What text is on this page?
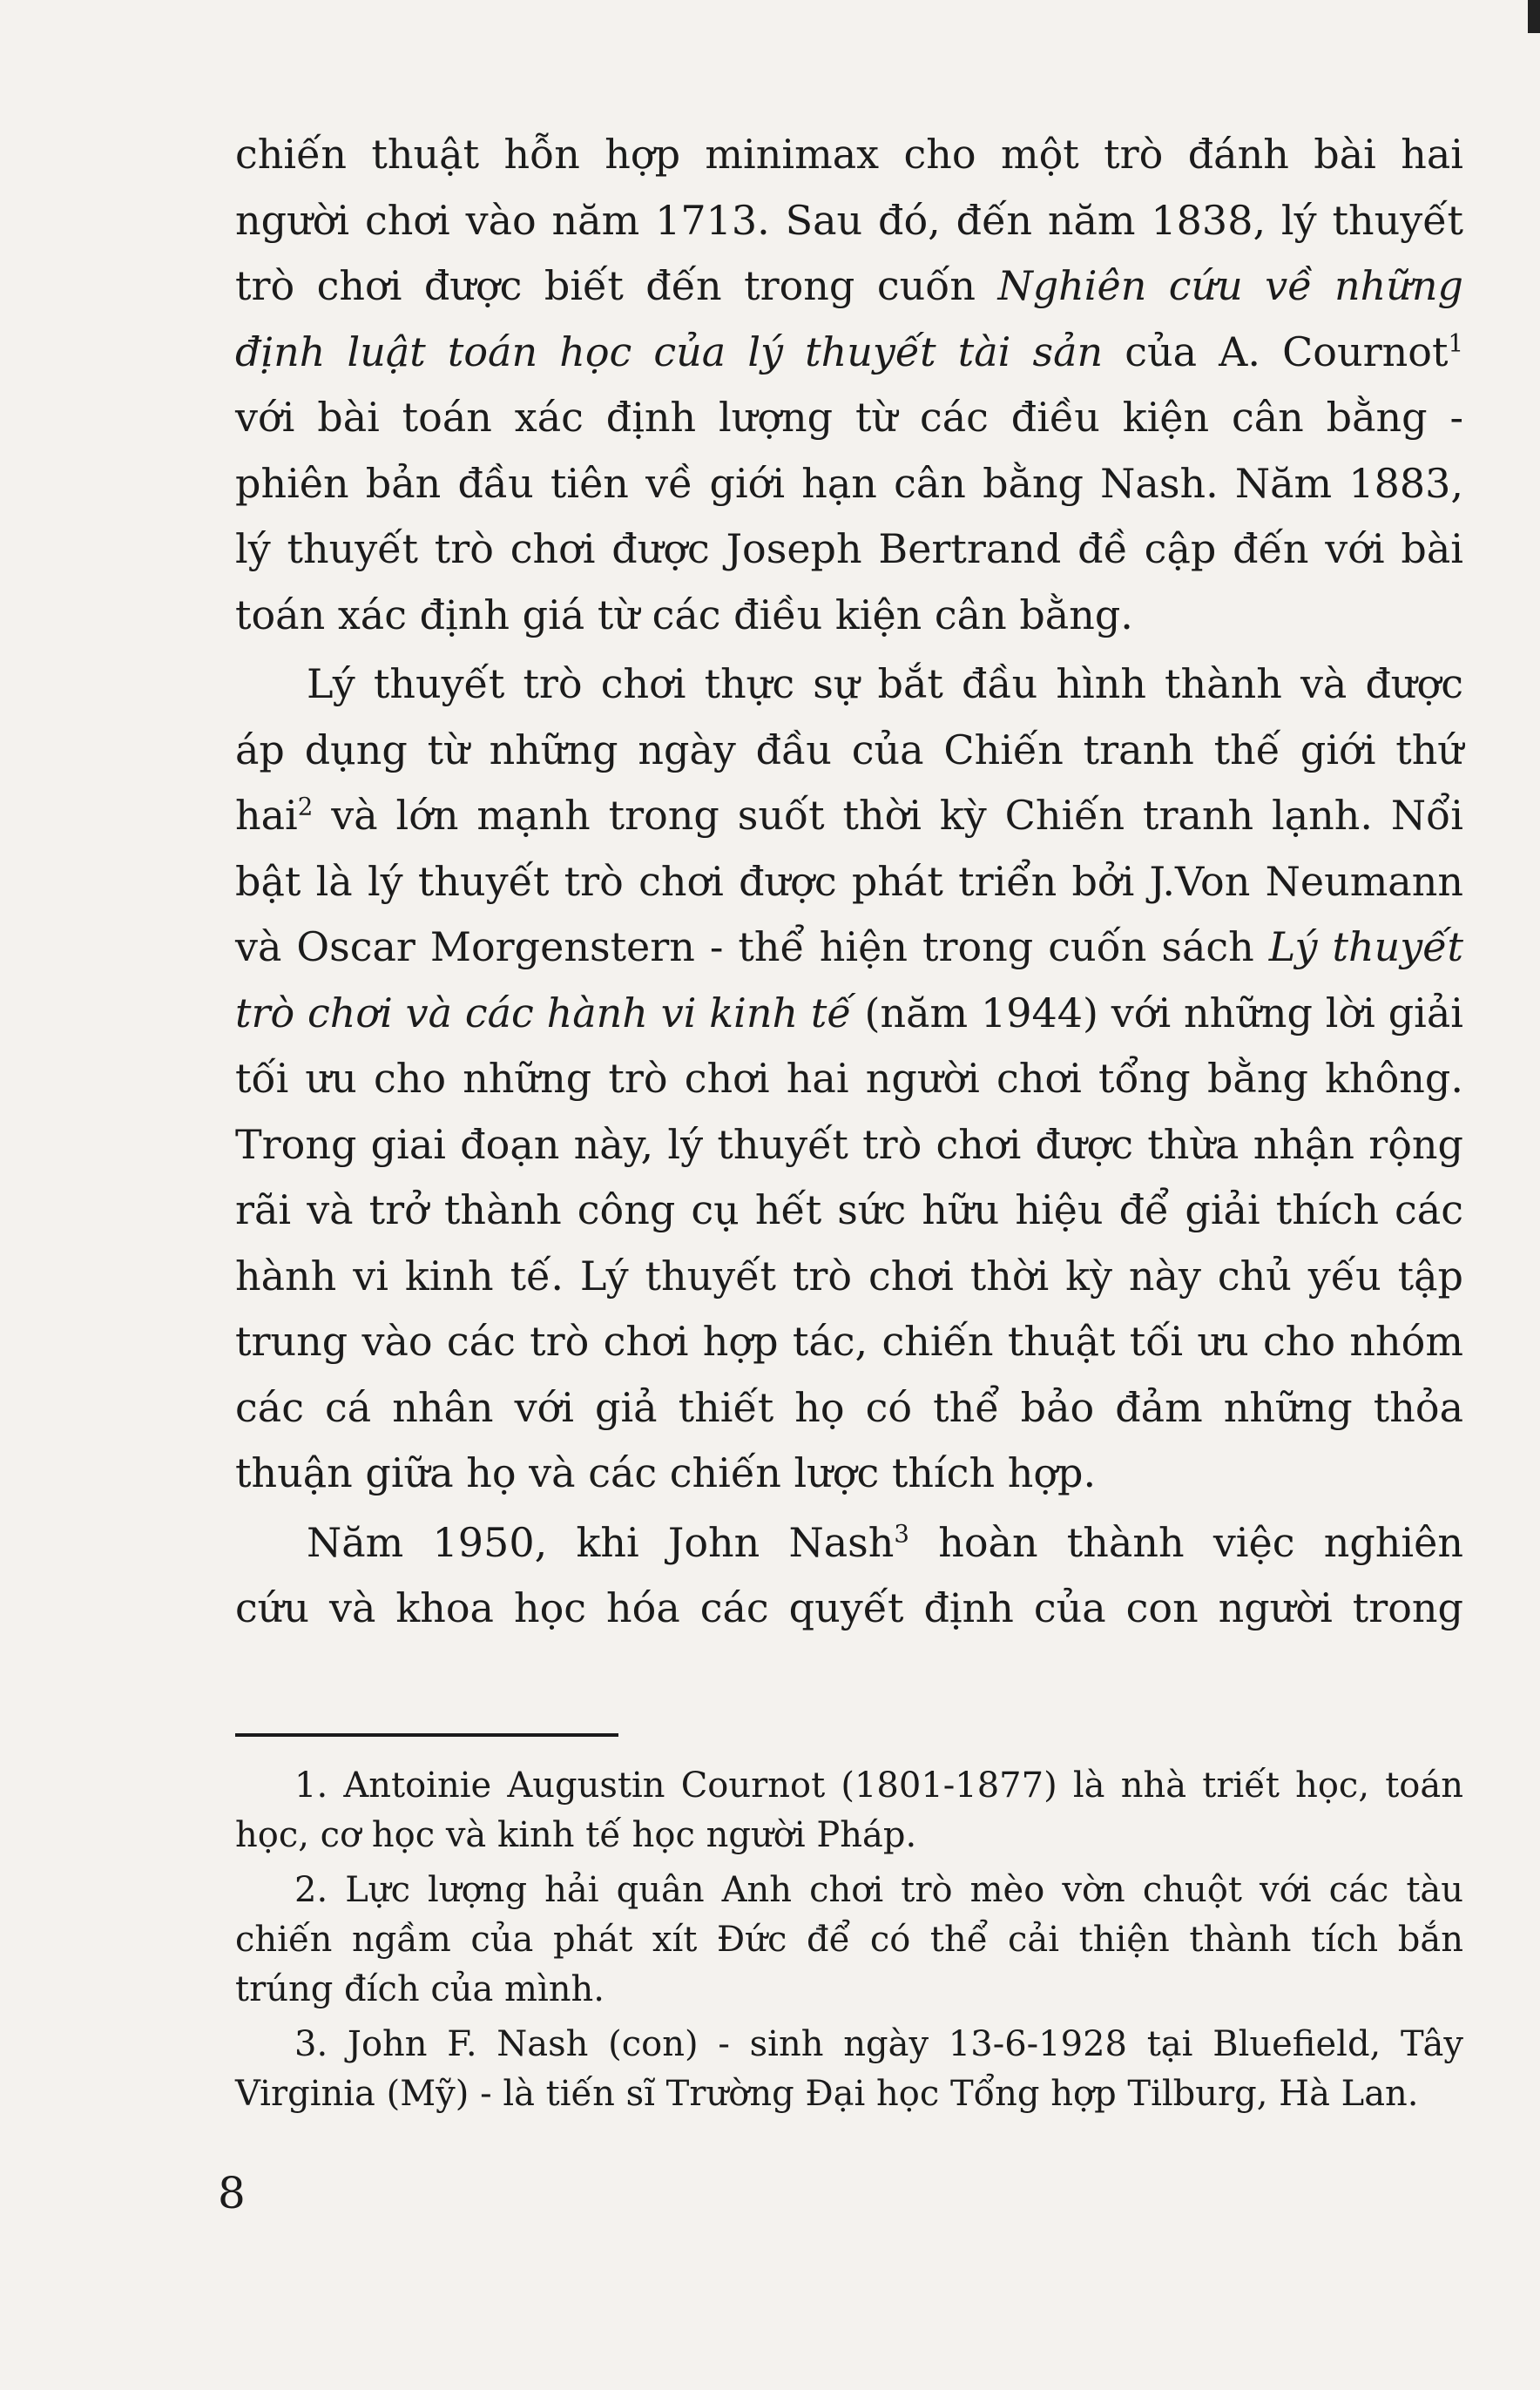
chiến thuật hỗn hợp minimax cho một trò đánh bài hai

người chơi vào năm 1713. Sau đó, đến năm 1838, lý thuyết

trò chơi được biết đến trong cuốn Nghiên cứu về những

định luật toán học của lý thuyết tài sản của A. Cournot$^1$

với bài toán xác định lượng từ các điều kiện cân bằng -

phiên bản đầu tiên về giới hạn cân bằng Nash. Năm 1883,

lý thuyết trò chơi được Joseph Bertrand đề cập đến với bài

toán xác định giá từ các điều kiện cân bằng.

Lý thuyết trò chơi thực sự bắt đầu hình thành và được

áp dụng từ những ngày đầu của Chiến tranh thế giới thứ

hai$^2$ và lớn mạnh trong suốt thời kỳ Chiến tranh lạnh. Nổi

bật là lý thuyết trò chơi được phát triển bởi J.Von Neumann

và Oscar Morgenstern - thể hiện trong cuốn sách Lý thuyết

trò chơi và các hành vi kinh tế (năm 1944) với những lời giải

tối ưu cho những trò chơi hai người chơi tổng bằng không.

Trong giai đoạn này, lý thuyết trò chơi được thừa nhận rộng

rãi và trở thành công cụ hết sức hữu hiệu để giải thích các

hành vi kinh tế. Lý thuyết trò chơi thời kỳ này chủ yếu tập

trung vào các trò chơi hợp tác, chiến thuật tối ưu cho nhóm

các cá nhân với giả thiết họ có thể bảo đảm những thỏa

thuận giữa họ và các chiến lược thích hợp.

Năm 1950, khi John Nash$^3$ hoàn thành việc nghiên

cứu và khoa học hóa các quyết định của con người trong

1. Antoinie Augustin Cournot (1801-1877) là nhà triết học, toán

học, cơ học và kinh tế học người Pháp.

2. Lực lượng hải quân Anh chơi trò mèo vờn chuột với các tàu

chiến ngầm của phát xít Đức để có thể cải thiện thành tích bắn

trúng đích của mình.

3. John F. Nash (con) - sinh ngày 13-6-1928 tại Bluefield, Tây

Virginia (Mỹ) - là tiến sĩ Trường Đại học Tổng hợp Tilburg, Hà Lan.

8
